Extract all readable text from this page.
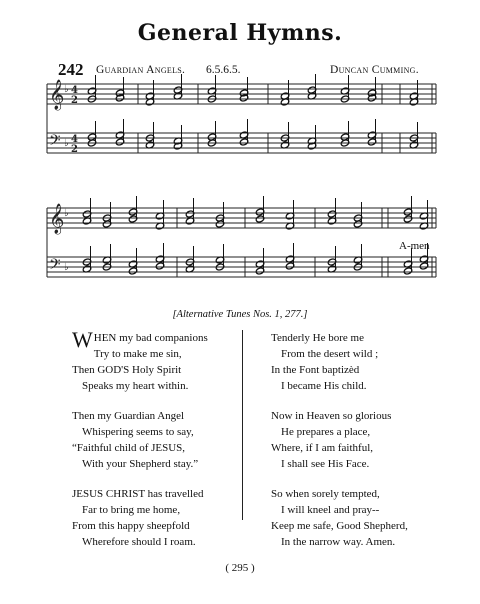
General Hymns.
242 Guardian Angels. 6.5.6.5.	Duncan Cumming.
𝄞 ♭ 4
2
𝄢 ♭ 4
2
𝄞 ♭
𝄢 ♭
A-men
[Alternative Tunes Nos. 1, 277.]
WHEN my bad companions
Try to make me sin,
Then GOD'S Holy Spirit
Speaks my heart within.
Then my Guardian Angel
Whispering seems to say,
“Faithful child of JESUS,
With your Shepherd stay.”
JESUS CHRIST has travelled
Far to bring me home,
From this happy sheepfold
Wherefore should I roam.
Tenderly He bore me
From the desert wild ;
In the Font baptizèd
I became His child.
Now in Heaven so glorious
He prepares a place,
Where, if I am faithful,
I shall see His Face.
So when sorely tempted,
I will kneel and pray--
Keep me safe, Good Shepherd,
In the narrow way. Amen.
( 295 )
